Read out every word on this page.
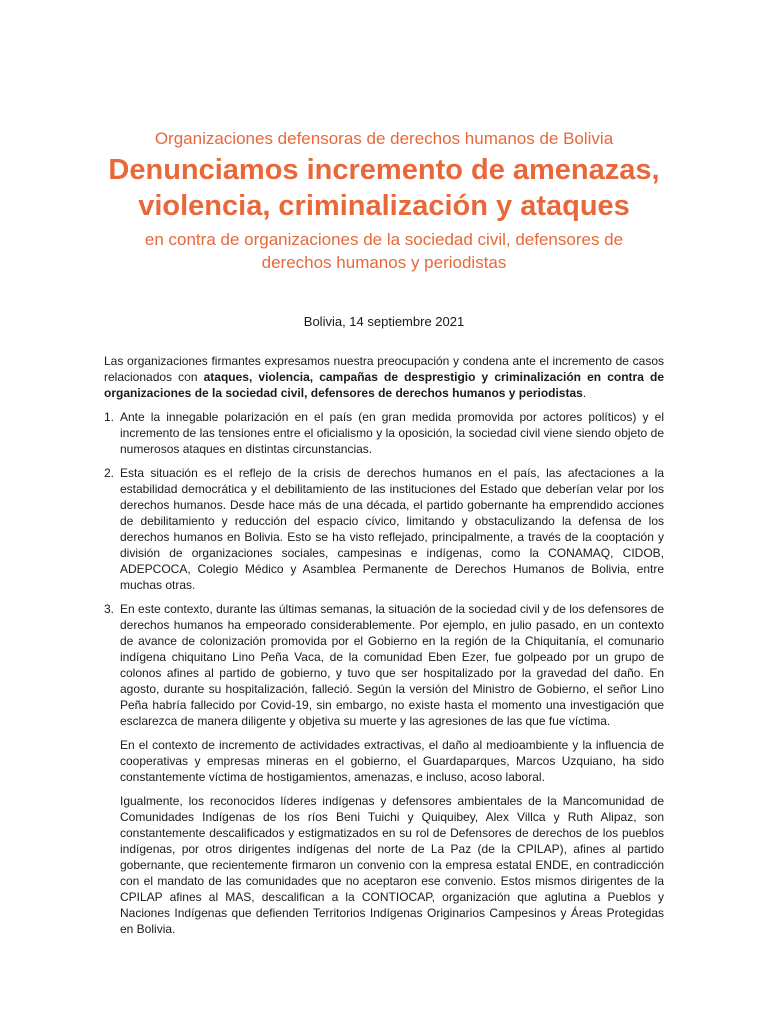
Organizaciones defensoras de derechos humanos de Bolivia

Denunciamos incremento de amenazas,
violencia, criminalización y ataques

en contra de organizaciones de la sociedad civil, defensores de
derechos humanos y periodistas

Bolivia, 14 septiembre 2021

Las organizaciones firmantes expresamos nuestra preocupación y condena ante el incremento de casos relacionados con ataques, violencia, campañas de desprestigio y criminalización en contra de organizaciones de la sociedad civil, defensores de derechos humanos y periodistas.

1. Ante la innegable polarización en el país (en gran medida promovida por actores políticos) y el incremento de las tensiones entre el oficialismo y la oposición, la sociedad civil viene siendo objeto de numerosos ataques en distintas circunstancias.
2. Esta situación es el reflejo de la crisis de derechos humanos en el país, las afectaciones a la estabilidad democrática y el debilitamiento de las instituciones del Estado que deberían velar por los derechos humanos. Desde hace más de una década, el partido gobernante ha emprendido acciones de debilitamiento y reducción del espacio cívico, limitando y obstaculizando la defensa de los derechos humanos en Bolivia. Esto se ha visto reflejado, principalmente, a través de la cooptación y división de organizaciones sociales, campesinas e indígenas, como la CONAMAQ, CIDOB, ADEPCOCA, Colegio Médico y Asamblea Permanente de Derechos Humanos de Bolivia, entre muchas otras.
3. En este contexto, durante las últimas semanas, la situación de la sociedad civil y de los defensores de derechos humanos ha empeorado considerablemente. Por ejemplo, en julio pasado, en un contexto de avance de colonización promovida por el Gobierno en la región de la Chiquitanía, el comunario indígena chiquitano Lino Peña Vaca, de la comunidad Eben Ezer, fue golpeado por un grupo de colonos afines al partido de gobierno, y tuvo que ser hospitalizado por la gravedad del daño. En agosto, durante su hospitalización, falleció. Según la versión del Ministro de Gobierno, el señor Lino Peña habría fallecido por Covid-19, sin embargo, no existe hasta el momento una investigación que esclarezca de manera diligente y objetiva su muerte y las agresiones de las que fue víctima.

En el contexto de incremento de actividades extractivas, el daño al medioambiente y la influencia de cooperativas y empresas mineras en el gobierno, el Guardaparques, Marcos Uzquiano, ha sido constantemente víctima de hostigamientos, amenazas, e incluso, acoso laboral.

Igualmente, los reconocidos líderes indígenas y defensores ambientales de la Mancomunidad de Comunidades Indígenas de los ríos Beni Tuichi y Quiquibey, Alex Villca y Ruth Alipaz, son constantemente descalificados y estigmatizados en su rol de Defensores de derechos de los pueblos indígenas, por otros dirigentes indígenas del norte de La Paz (de la CPILAP), afines al partido gobernante, que recientemente firmaron un convenio con la empresa estatal ENDE, en contradicción con el mandato de las comunidades que no aceptaron ese convenio. Estos mismos dirigentes de la CPILAP afines al MAS, descalifican a la CONTIOCAP, organización que aglutina a Pueblos y Naciones Indígenas que defienden Territorios Indígenas Originarios Campesinos y Áreas Protegidas en Bolivia.
